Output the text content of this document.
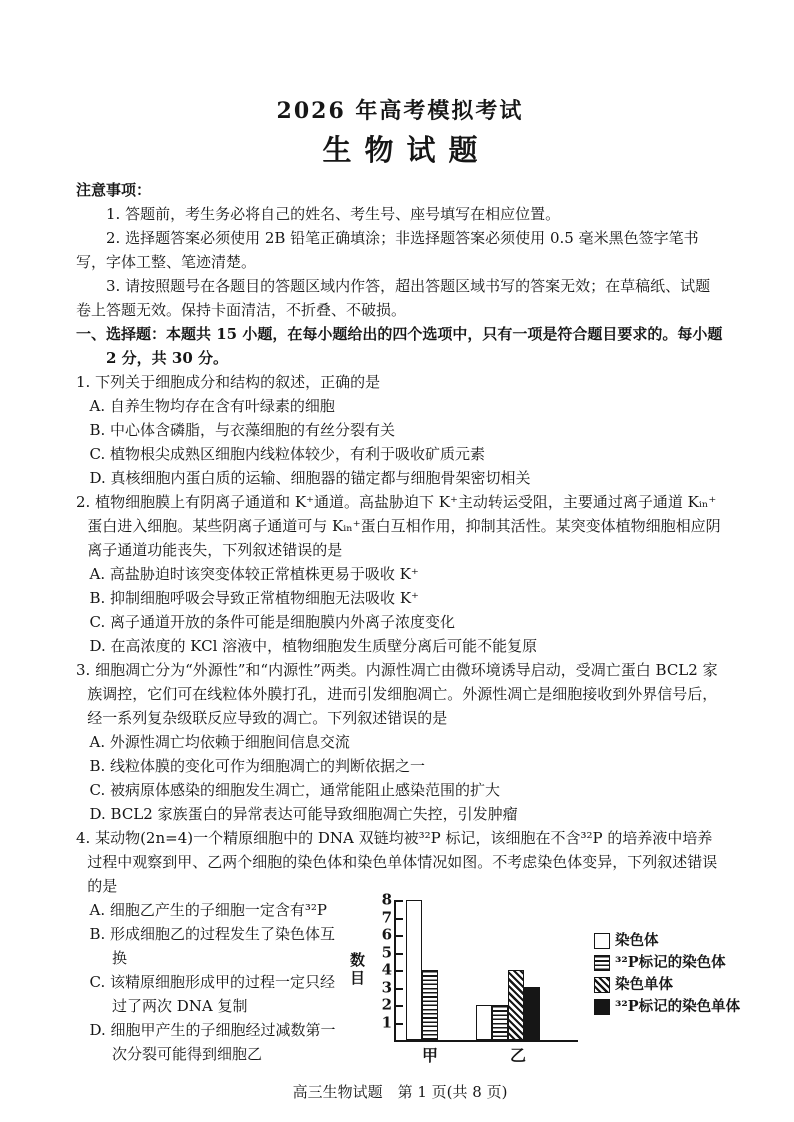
2026 年高考模拟考试
生物试题
注意事项：

1. 答题前，考生务必将自己的姓名、考生号、座号填写在相应位置。

2. 选择题答案必须使用 2B 铅笔正确填涂；非选择题答案必须使用 0.5 毫米黑色签字笔书写，字体工整、笔迹清楚。

3. 请按照题号在各题目的答题区域内作答，超出答题区域书写的答案无效；在草稿纸、试题卷上答题无效。保持卡面清洁，不折叠、不破损。

一、选择题：本题共 15 小题，在每小题给出的四个选项中，只有一项是符合题目要求的。每小题 2 分，共 30 分。

1. 下列关于细胞成分和结构的叙述，正确的是

A. 自养生物均存在含有叶绿素的细胞

B. 中心体含磷脂，与衣藻细胞的有丝分裂有关

C. 植物根尖成熟区细胞内线粒体较少，有利于吸收矿质元素

D. 真核细胞内蛋白质的运输、细胞器的锚定都与细胞骨架密切相关

2. 植物细胞膜上有阴离子通道和 K⁺通道。高盐胁迫下 K⁺主动转运受阻，主要通过离子通道 Kᵢₙ⁺蛋白进入细胞。某些阴离子通道可与 Kᵢₙ⁺蛋白互相作用，抑制其活性。某突变体植物细胞相应阴离子通道功能丧失，下列叙述错误的是

A. 高盐胁迫时该突变体较正常植株更易于吸收 K⁺

B. 抑制细胞呼吸会导致正常植物细胞无法吸收 K⁺

C. 离子通道开放的条件可能是细胞膜内外离子浓度变化

D. 在高浓度的 KCl 溶液中，植物细胞发生质壁分离后可能不能复原

3. 细胞凋亡分为“外源性”和“内源性”两类。内源性凋亡由微环境诱导启动，受凋亡蛋白 BCL2 家族调控，它们可在线粒体外膜打孔，进而引发细胞凋亡。外源性凋亡是细胞接收到外界信号后，经一系列复杂级联反应导致的凋亡。下列叙述错误的是

A. 外源性凋亡均依赖于细胞间信息交流

B. 线粒体膜的变化可作为细胞凋亡的判断依据之一

C. 被病原体感染的细胞发生凋亡，通常能阻止感染范围的扩大

D. BCL2 家族蛋白的异常表达可能导致细胞凋亡失控，引发肿瘤

4. 某动物(2n=4)一个精原细胞中的 DNA 双链均被³²P 标记，该细胞在不含³²P 的培养液中培养过程中观察到甲、乙两个细胞的染色体和染色单体情况如图。不考虑染色体变异，下列叙述错误的是

A. 细胞乙产生的子细胞一定含有³²P

B. 形成细胞乙的过程发生了染色体互换

C. 该精原细胞形成甲的过程一定只经过了两次 DNA 复制

D. 细胞甲产生的子细胞经过减数第一次分裂可能得到细胞乙

数目
8
7
6
5
4
3
2
1
甲	乙
染色体
³²P标记的染色体
染色单体
³²P标记的染色单体
高三生物试题　第 1 页(共 8 页)
